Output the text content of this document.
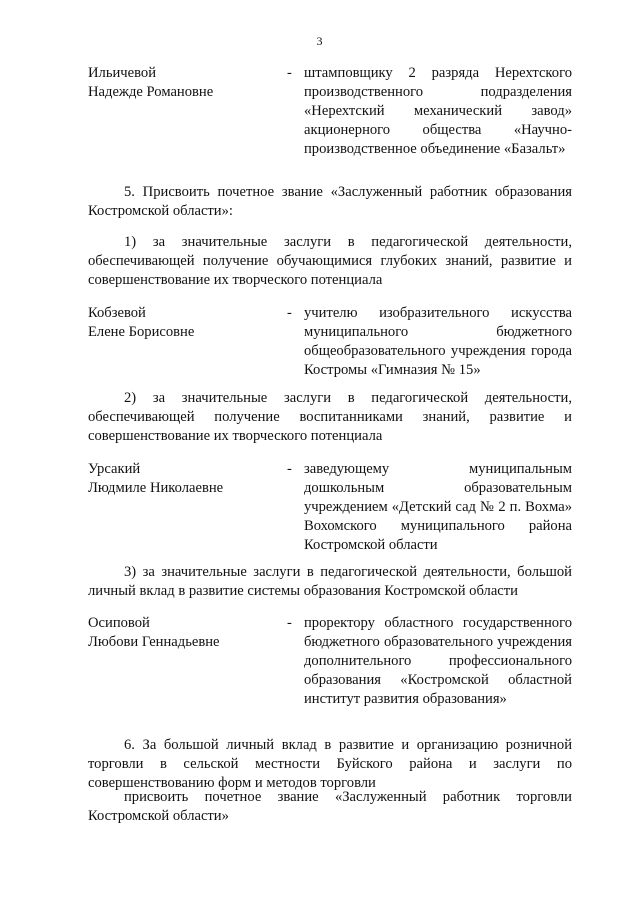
3
Ильичевой
Надежде Романовне
- штамповщику 2 разряда Нерехтского производственного подразделения «Нерехтский механический завод» акционерного общества «Научно-производственное объединение «Базальт»
5. Присвоить почетное звание «Заслуженный работник образования Костромской области»:
1) за значительные заслуги в педагогической деятельности, обеспечивающей получение обучающимися глубоких знаний, развитие и совершенствование их творческого потенциала
Кобзевой
Елене Борисовне
- учителю изобразительного искусства муниципального бюджетного общеобразовательного учреждения города Костромы «Гимназия № 15»
2) за значительные заслуги в педагогической деятельности, обеспечивающей получение воспитанниками знаний, развитие и совершенствование их творческого потенциала
Урсакий
Людмиле Николаевне
- заведующему муниципальным дошкольным образовательным учреждением «Детский сад № 2 п. Вохма» Вохомского муниципального района Костромской области
3) за значительные заслуги в педагогической деятельности, большой личный вклад в развитие системы образования Костромской области
Осиповой
Любови Геннадьевне
- проректору областного государственного бюджетного образовательного учреждения дополнительного профессионального образования «Костромской областной институт развития образования»
6. За большой личный вклад в развитие и организацию розничной торговли в сельской местности Буйского района и заслуги по совершенствованию форм и методов торговли
присвоить почетное звание «Заслуженный работник торговли Костромской области»
